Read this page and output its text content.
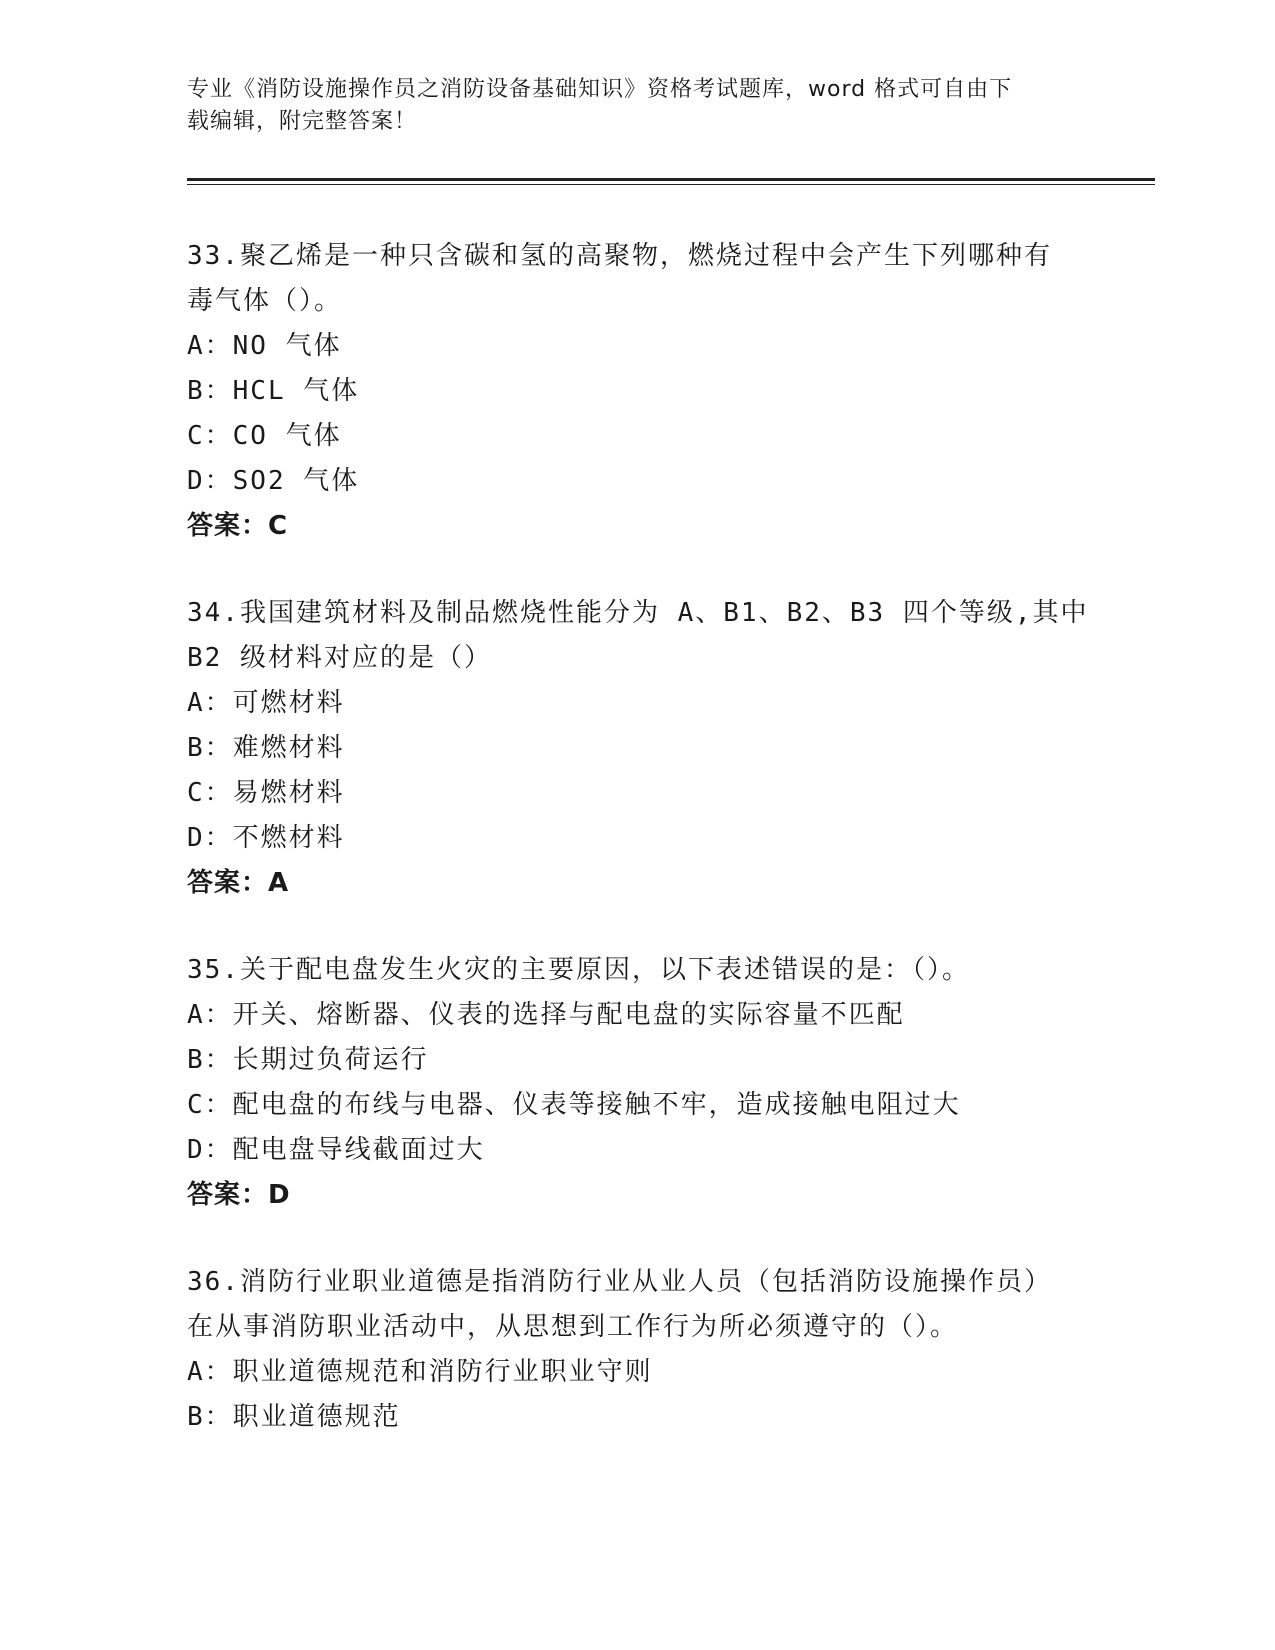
专业《消防设施操作员之消防设备基础知识》资格考试题库，word 格式可自由下
载编辑，附完整答案！
33.聚乙烯是一种只含碳和氢的高聚物，燃烧过程中会产生下列哪种有
毒气体（）。
A：NO 气体
B：HCL 气体
C：CO 气体
D：SO2 气体
答案：C
34.我国建筑材料及制品燃烧性能分为 A、B1、B2、B3 四个等级,其中
B2 级材料对应的是（）
A：可燃材料
B：难燃材料
C：易燃材料
D：不燃材料
答案：A
35.关于配电盘发生火灾的主要原因，以下表述错误的是：（）。
A：开关、熔断器、仪表的选择与配电盘的实际容量不匹配
B：长期过负荷运行
C：配电盘的布线与电器、仪表等接触不牢，造成接触电阻过大
D：配电盘导线截面过大
答案：D
36.消防行业职业道德是指消防行业从业人员（包括消防设施操作员）
在从事消防职业活动中，从思想到工作行为所必须遵守的（）。
A：职业道德规范和消防行业职业守则
B：职业道德规范
